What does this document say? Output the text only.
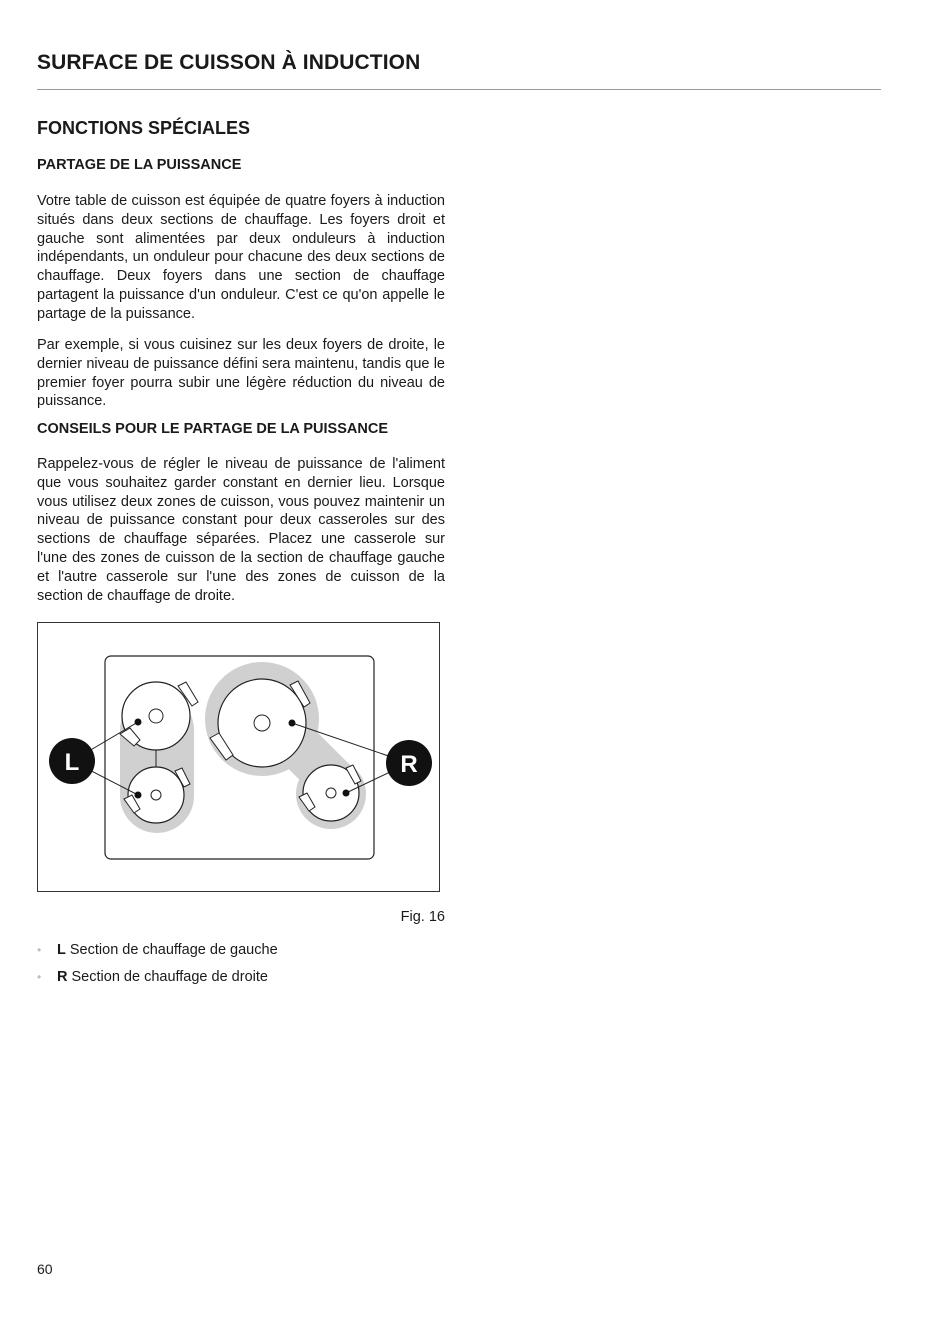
SURFACE DE CUISSON À INDUCTION
FONCTIONS SPÉCIALES
PARTAGE DE LA PUISSANCE

Votre table de cuisson est équipée de quatre foyers à induction situés dans deux sections de chauffage. Les foyers droit et gauche sont alimentées par deux onduleurs à induction indépendants, un onduleur pour chacune des deux sections de chauffage. Deux foyers dans une section de chauffage partagent la puissance d'un onduleur. C'est ce qu'on appelle le partage de la puissance.

Par exemple, si vous cuisinez sur les deux foyers de droite, le dernier niveau de puissance défini sera maintenu, tandis que le premier foyer pourra subir une légère réduction du niveau de puissance.

CONSEILS POUR LE PARTAGE DE LA PUISSANCE

Rappelez-vous de régler le niveau de puissance de l'aliment que vous souhaitez garder constant en dernier lieu. Lorsque vous utilisez deux zones de cuisson, vous pouvez maintenir un niveau de puissance constant pour deux casseroles sur des sections de chauffage séparées. Placez une casserole sur l'une des zones de cuisson de la section de chauffage gauche et l'autre casserole sur l'une des zones de cuisson de la section de chauffage de droite.

L	R
Fig. 16
• L Section de chauffage de gauche
• R Section de chauffage de droite
60
